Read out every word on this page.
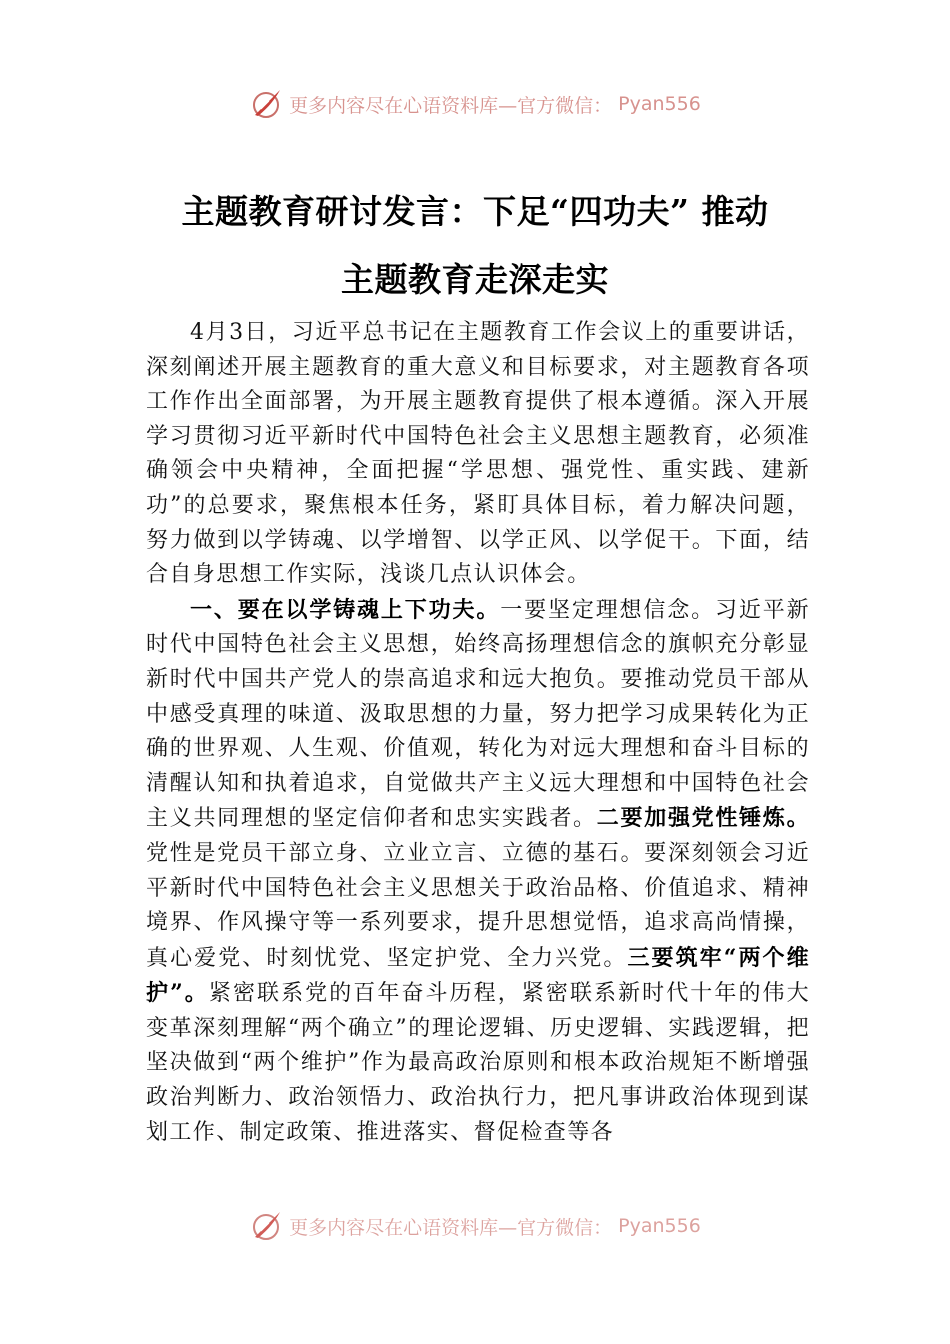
更多内容尽在心语资料库—官方微信： Pyan556
主题教育研讨发言：下足“四功夫” 推动
主题教育走深走实

4月3日，习近平总书记在主题教育工作会议上的重要讲话，深刻阐述开展主题教育的重大意义和目标要求，对主题教育各项工作作出全面部署，为开展主题教育提供了根本遵循。深入开展学习贯彻习近平新时代中国特色社会主义思想主题教育，必须准确领会中央精神，全面把握“学思想、强党性、重实践、建新功”的总要求，聚焦根本任务，紧盯具体目标，着力解决问题，努力做到以学铸魂、以学增智、以学正风、以学促干。下面，结合自身思想工作实际，浅谈几点认识体会。

一、要在以学铸魂上下功夫。一要坚定理想信念。习近平新时代中国特色社会主义思想，始终高扬理想信念的旗帜充分彰显新时代中国共产党人的崇高追求和远大抱负。要推动党员干部从中感受真理的味道、汲取思想的力量，努力把学习成果转化为正确的世界观、人生观、价值观，转化为对远大理想和奋斗目标的清醒认知和执着追求，自觉做共产主义远大理想和中国特色社会主义共同理想的坚定信仰者和忠实实践者。二要加强党性锤炼。党性是党员干部立身、立业立言、立德的基石。要深刻领会习近平新时代中国特色社会主义思想关于政治品格、价值追求、精神境界、作风操守等一系列要求，提升思想觉悟，追求高尚情操，真心爱党、时刻忧党、坚定护党、全力兴党。三要筑牢“两个维护”。紧密联系党的百年奋斗历程，紧密联系新时代十年的伟大变革深刻理解“两个确立”的理论逻辑、历史逻辑、实践逻辑，把坚决做到“两个维护”作为最高政治原则和根本政治规矩不断增强政治判断力、政治领悟力、政治执行力，把凡事讲政治体现到谋划工作、制定政策、推进落实、督促检查等各

更多内容尽在心语资料库—官方微信： Pyan556
